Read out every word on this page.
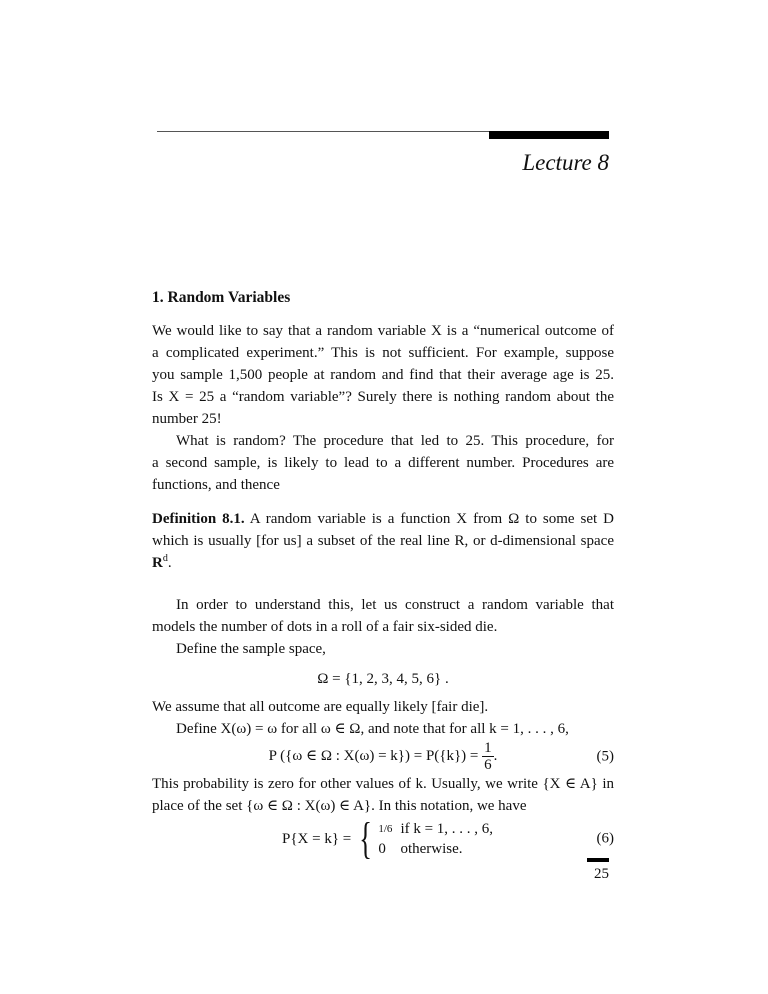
Lecture 8
1. Random Variables
We would like to say that a random variable X is a “numerical outcome of
a complicated experiment.” This is not sufficient. For example, suppose
you sample 1,500 people at random and find that their average age is 25.
Is X = 25 a “random variable”? Surely there is nothing random about the
number 25!
What is random? The procedure that led to 25. This procedure, for
a second sample, is likely to lead to a different number. Procedures are
functions, and thence
Definition 8.1. A random variable is a function X from Ω to some set D
which is usually [for us] a subset of the real line R, or d-dimensional space
$R^d$.
In order to understand this, let us construct a random variable that
models the number of dots in a roll of a fair six-sided die.
Define the sample space,
Ω = {1, 2, 3, 4, 5, 6} .
We assume that all outcome are equally likely [fair die].
Define X(ω) = ω for all ω ∈ Ω, and note that for all k = 1, . . . , 6,
P ({ω ∈ Ω : $X(\omega) = k\}) = P(\{k\}) = \frac{1}{6}$ .	(5)
This probability is zero for other values of k. Usually, we write {X ∈ A} in
place of the set {ω ∈ Ω : X(ω) ∈ A}. In this notation, we have
P{X = k} = { 1/6	if k = 1, . . . , 6,
0	otherwise.
(6)
25
